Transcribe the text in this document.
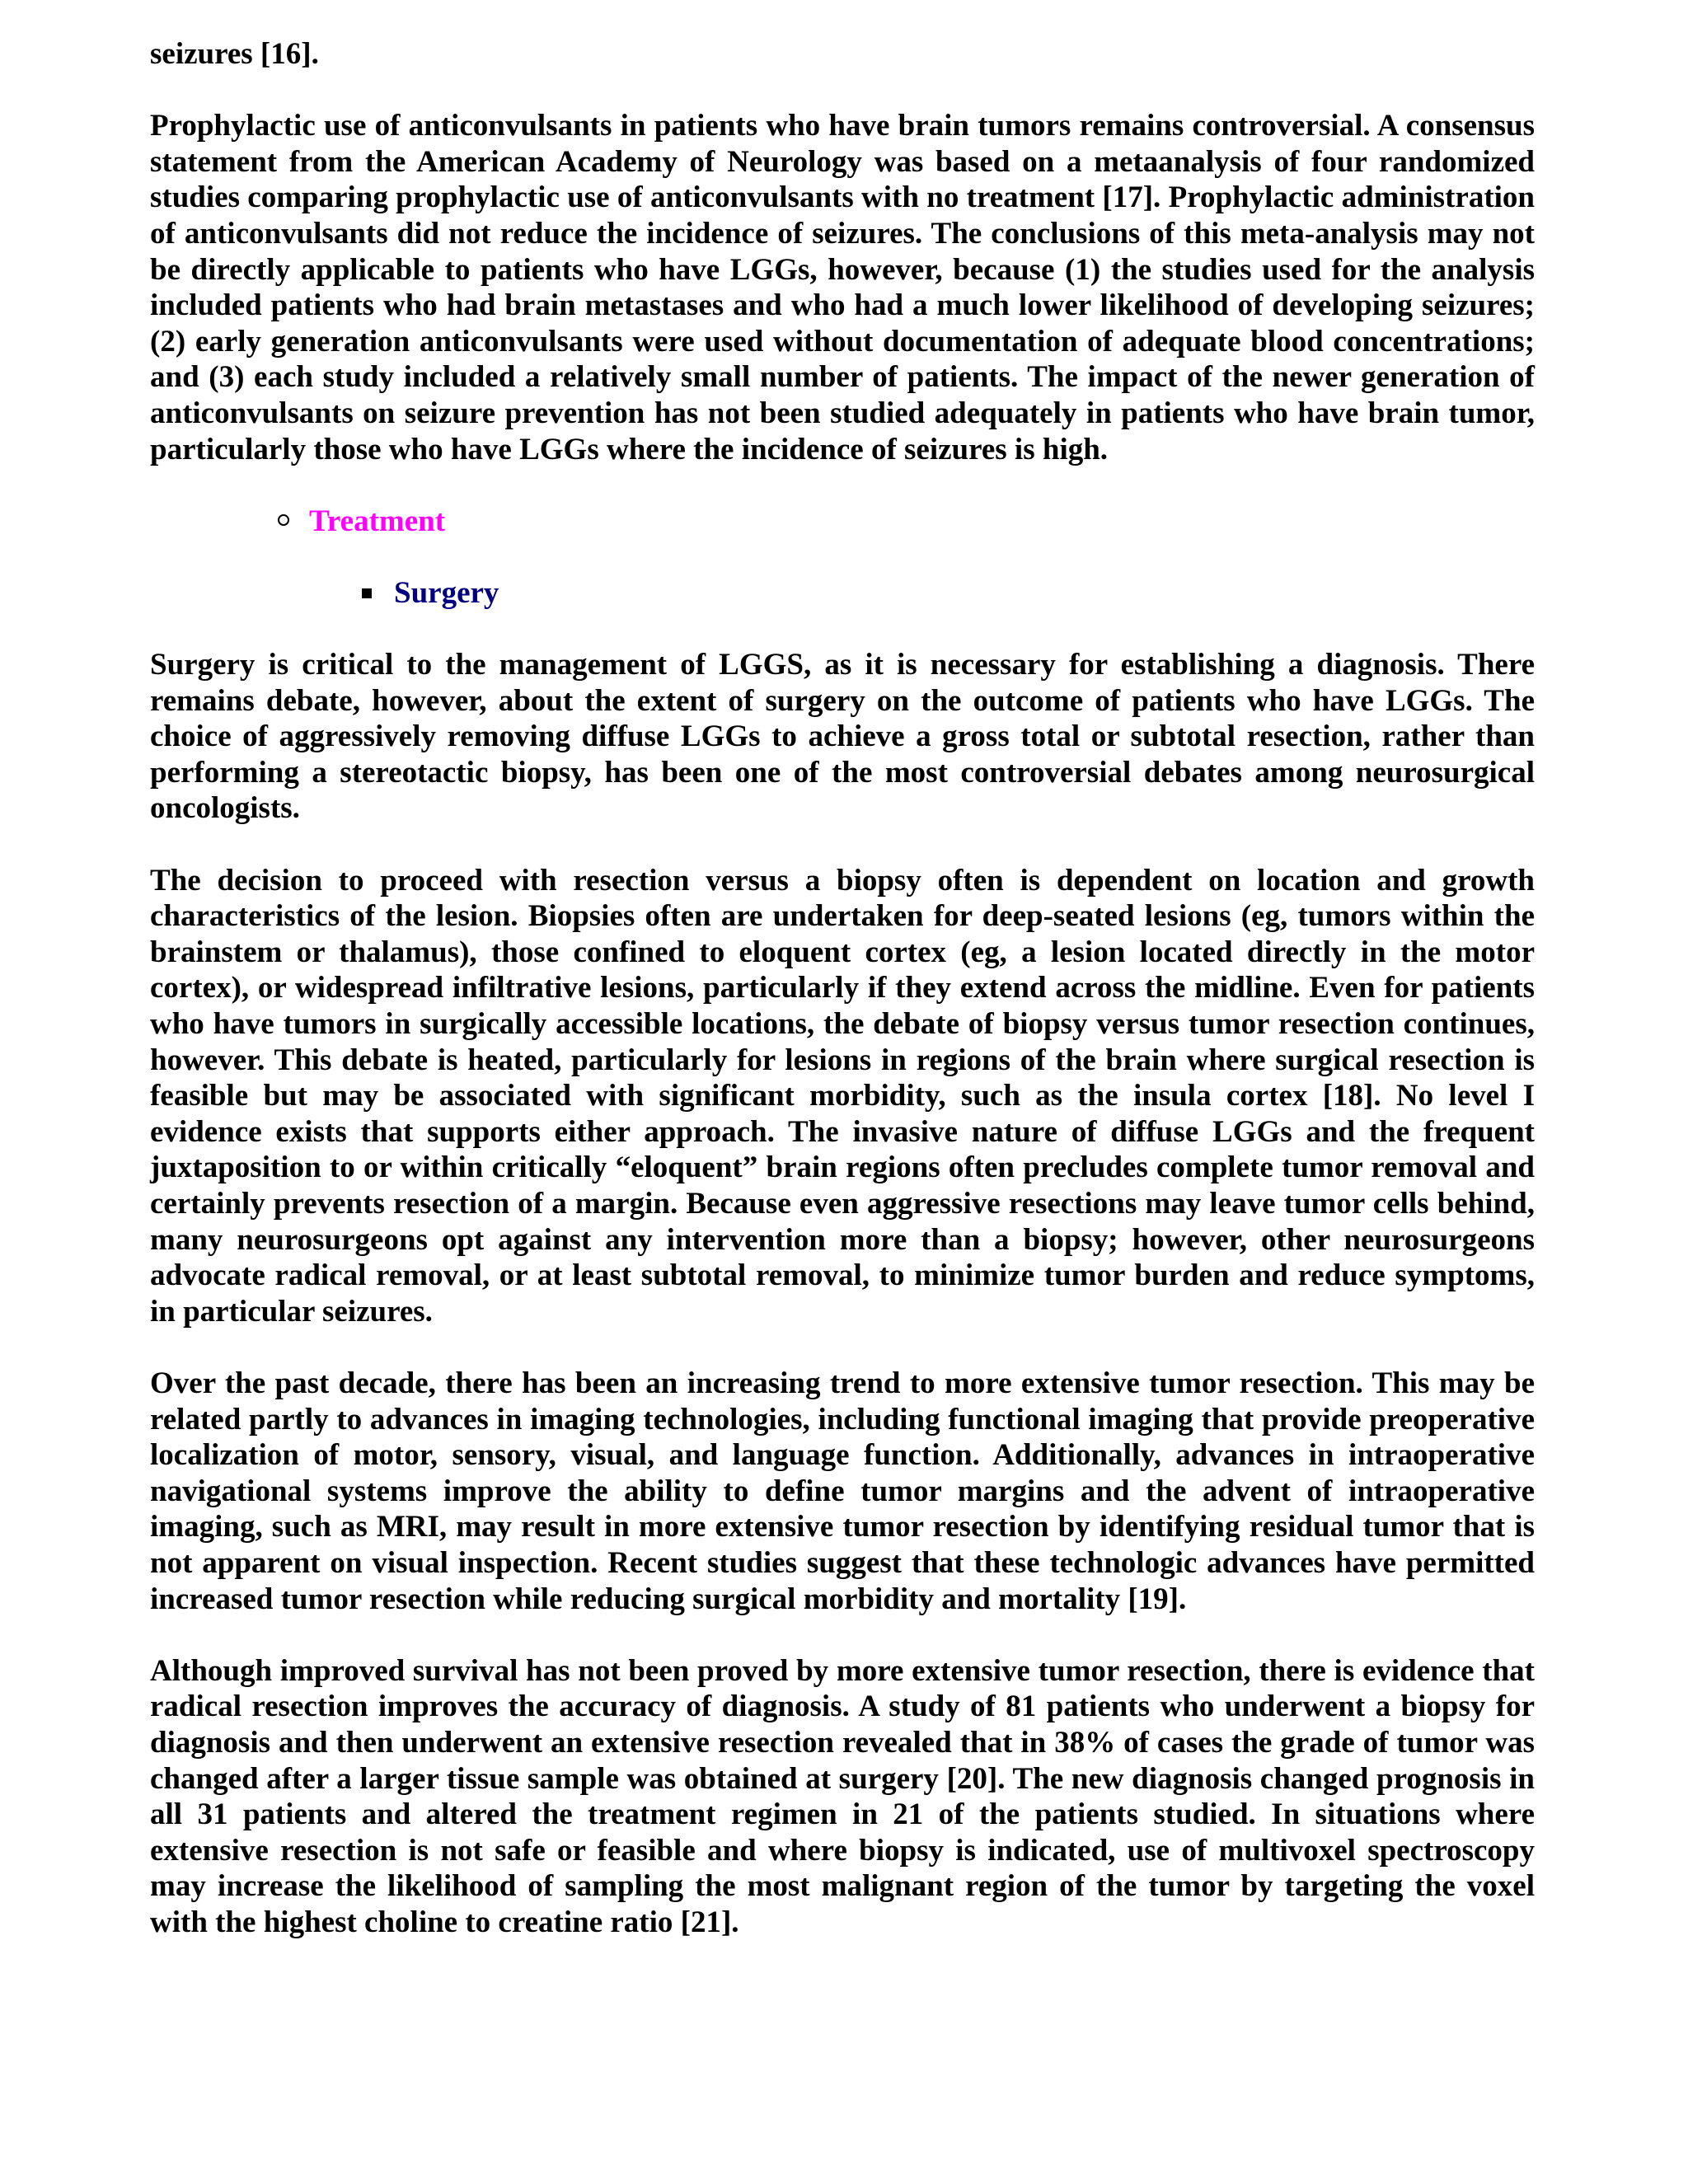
seizures [16].

Prophylactic use of anticonvulsants in patients who have brain tumors remains controversial. A consensus statement from the American Academy of Neurology was based on a metaanalysis of four randomized studies comparing prophylactic use of anticonvulsants with no treatment [17]. Prophylactic administration of anticonvulsants did not reduce the incidence of seizures. The conclusions of this meta-analysis may not be directly applicable to patients who have LGGs, however, because (1) the studies used for the analysis included patients who had brain metastases and who had a much lower likelihood of developing seizures; (2) early generation anticonvulsants were used without documentation of adequate blood concentrations; and (3) each study included a relatively small number of patients. The impact of the newer generation of anticonvulsants on seizure prevention has not been studied adequately in patients who have brain tumor, particularly those who have LGGs where the incidence of seizures is high.

Treatment
Surgery

Surgery is critical to the management of LGGS, as it is necessary for establishing a diagnosis. There remains debate, however, about the extent of surgery on the outcome of patients who have LGGs. The choice of aggressively removing diffuse LGGs to achieve a gross total or subtotal resection, rather than performing a stereotactic biopsy, has been one of the most controversial debates among neurosurgical oncologists.

The decision to proceed with resection versus a biopsy often is dependent on location and growth characteristics of the lesion. Biopsies often are undertaken for deep-seated lesions (eg, tumors within the brainstem or thalamus), those confined to eloquent cortex (eg, a lesion located directly in the motor cortex), or widespread infiltrative lesions, particularly if they extend across the midline. Even for patients who have tumors in surgically accessible locations, the debate of biopsy versus tumor resection continues, however. This debate is heated, particularly for lesions in regions of the brain where surgical resection is feasible but may be associated with significant morbidity, such as the insula cortex [18]. No level I evidence exists that supports either approach. The invasive nature of diffuse LGGs and the frequent juxtaposition to or within critically “eloquent” brain regions often precludes complete tumor removal and certainly prevents resection of a margin. Because even aggressive resections may leave tumor cells behind, many neurosurgeons opt against any intervention more than a biopsy; however, other neurosurgeons advocate radical removal, or at least subtotal removal, to minimize tumor burden and reduce symptoms, in particular seizures.

Over the past decade, there has been an increasing trend to more extensive tumor resection. This may be related partly to advances in imaging technologies, including functional imaging that provide preoperative localization of motor, sensory, visual, and language function. Additionally, advances in intraoperative navigational systems improve the ability to define tumor margins and the advent of intraoperative imaging, such as MRI, may result in more extensive tumor resection by identifying residual tumor that is not apparent on visual inspection. Recent studies suggest that these technologic advances have permitted increased tumor resection while reducing surgical morbidity and mortality [19].

Although improved survival has not been proved by more extensive tumor resection, there is evidence that radical resection improves the accuracy of diagnosis. A study of 81 patients who underwent a biopsy for diagnosis and then underwent an extensive resection revealed that in 38% of cases the grade of tumor was changed after a larger tissue sample was obtained at surgery [20]. The new diagnosis changed prognosis in all 31 patients and altered the treatment regimen in 21 of the patients studied. In situations where extensive resection is not safe or feasible and where biopsy is indicated, use of multivoxel spectroscopy may increase the likelihood of sampling the most malignant region of the tumor by targeting the voxel with the highest choline to creatine ratio [21].
